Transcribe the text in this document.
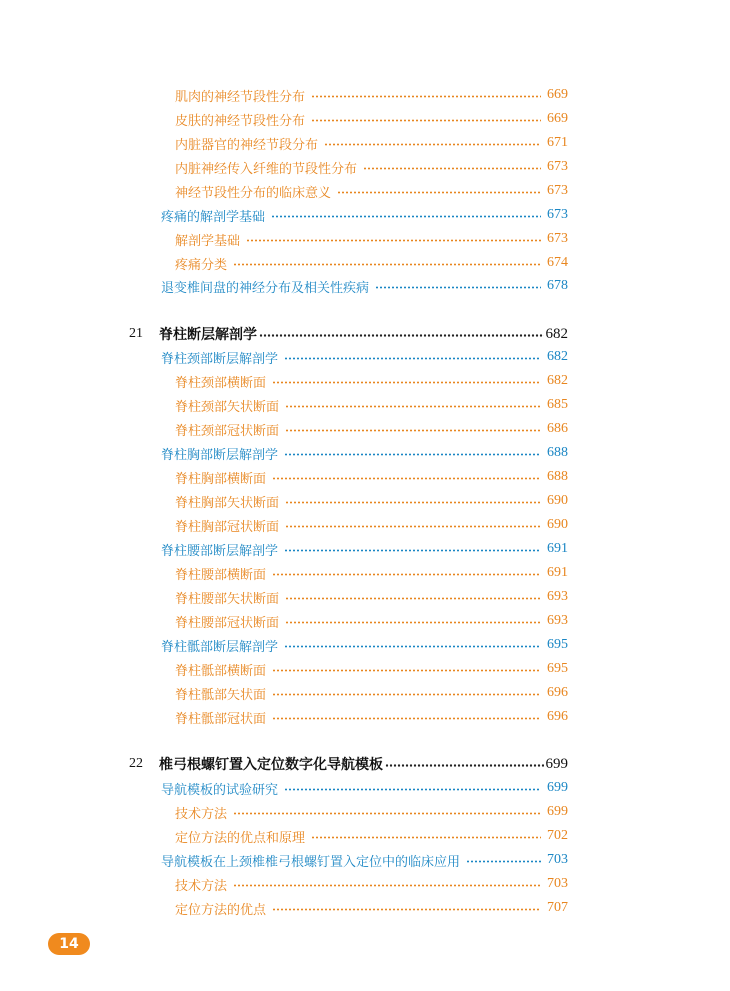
肌肉的神经节段性分布	669
皮肤的神经节段性分布	669
内脏器官的神经节段分布	671
内脏神经传入纤维的节段性分布	673
神经节段性分布的临床意义	673
疼痛的解剖学基础	673
解剖学基础	673
疼痛分类	674
退变椎间盘的神经分布及相关性疾病	678
21 脊柱断层解剖学	682
脊柱颈部断层解剖学	682
脊柱颈部横断面	682
脊柱颈部矢状断面	685
脊柱颈部冠状断面	686
脊柱胸部断层解剖学	688
脊柱胸部横断面	688
脊柱胸部矢状断面	690
脊柱胸部冠状断面	690
脊柱腰部断层解剖学	691
脊柱腰部横断面	691
脊柱腰部矢状断面	693
脊柱腰部冠状断面	693
脊柱骶部断层解剖学	695
脊柱骶部横断面	695
脊柱骶部矢状面	696
脊柱骶部冠状面	696
22 椎弓根螺钉置入定位数字化导航模板	699
导航模板的试验研究	699
技术方法	699
定位方法的优点和原理	702
导航模板在上颈椎椎弓根螺钉置入定位中的临床应用	703
技术方法	703
定位方法的优点	707
14
